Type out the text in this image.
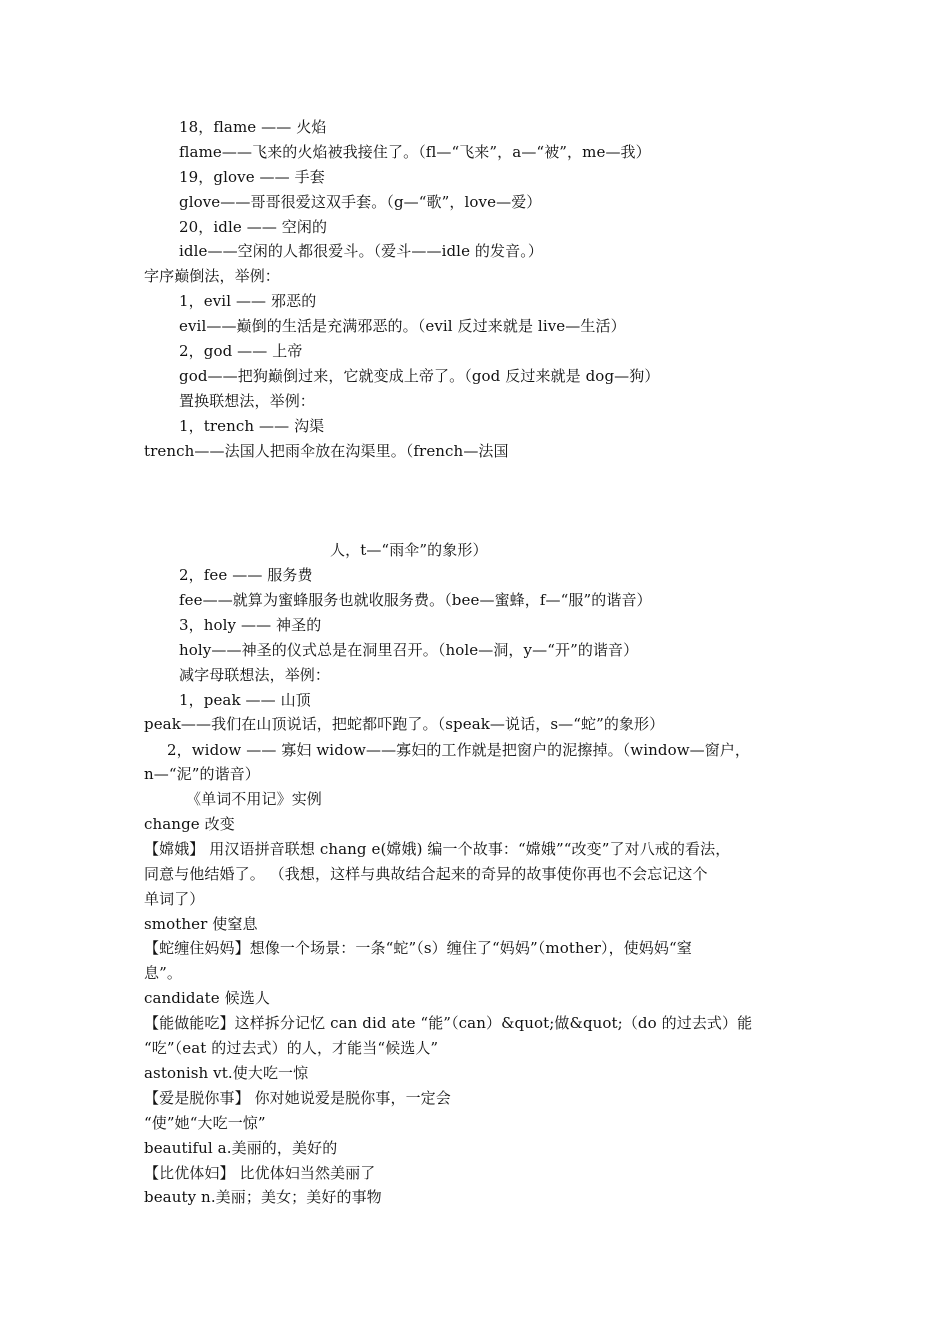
18，flame —— 火焰
flame——飞来的火焰被我接住了。（fl—“飞来”，a—“被”，me—我）
19，glove —— 手套
glove——哥哥很爱这双手套。（g—“歌”，love—爱）
20，idle —— 空闲的
idle——空闲的人都很爱斗。（爱斗——idle 的发音。）
字序巅倒法，举例：
1，evil —— 邪恶的
evil——巅倒的生活是充满邪恶的。（evil 反过来就是 live—生活）
2，god —— 上帝
god——把狗巅倒过来，它就变成上帝了。（god 反过来就是 dog—狗）
置换联想法，举例：
1，trench —— 沟渠
trench——法国人把雨伞放在沟渠里。（french—法国
人，t—“雨伞”的象形）
2，fee —— 服务费
fee——就算为蜜蜂服务也就收服务费。（bee—蜜蜂，f—“服”的谐音）
3，holy —— 神圣的
holy——神圣的仪式总是在洞里召开。（hole—洞，y—“开”的谐音）
减字母联想法，举例：
1，peak —— 山顶
peak——我们在山顶说话，把蛇都吓跑了。（speak—说话，s—“蛇”的象形）
2，widow —— 寡妇 widow——寡妇的工作就是把窗户的泥擦掉。（window—窗户，
n—“泥”的谐音）
《单词不用记》实例
change 改变
【嫦娥】 用汉语拼音联想 chang e(嫦娥) 编一个故事：“嫦娥”“改变”了对八戒的看法，
同意与他结婚了。 （我想，这样与典故结合起来的奇异的故事使你再也不会忘记这个
单词了）
smother 使窒息
【蛇缠住妈妈】想像一个场景：一条“蛇”（s）缠住了“妈妈”（mother），使妈妈“窒
息”。
candidate 候选人
【能做能吃】这样拆分记忆 can did ate “能”（can）&quot;做&quot;（do 的过去式）能
“吃”（eat 的过去式）的人，才能当“候选人”
astonish vt.使大吃一惊
【爱是脱你事】 你对她说爱是脱你事，一定会
“使”她“大吃一惊”
beautiful a.美丽的，美好的
【比优体妇】 比优体妇当然美丽了
beauty n.美丽；美女；美好的事物
